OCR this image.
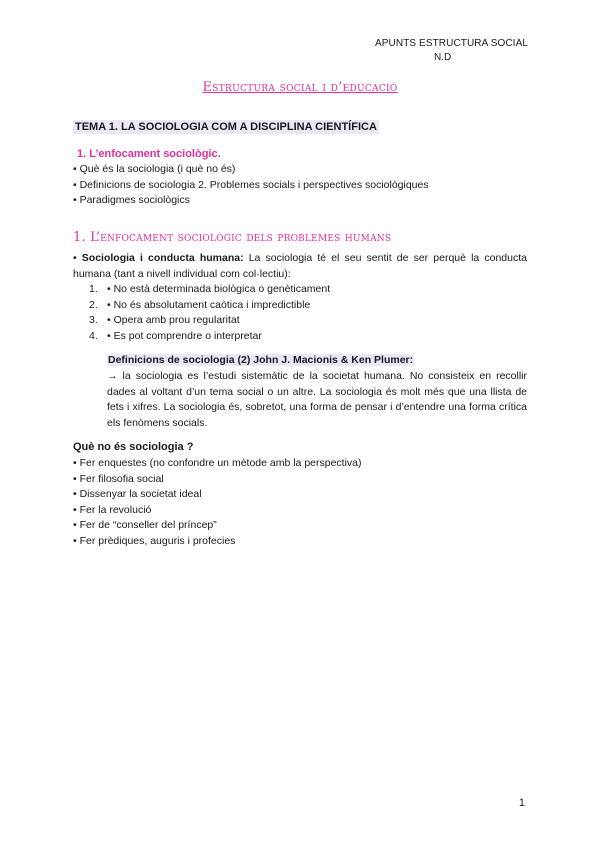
APUNTS ESTRUCTURA SOCIAL
N.D
Estructura social i d’educació
TEMA 1. LA SOCIOLOGIA COM A DISCIPLINA CIENTÍFICA
1. L’enfocament sociològic.
• Què és la sociologia (i què no és)
• Definicions de sociologia 2. Problemes socials i perspectives sociològiques
• Paradigmes sociològics
1. L’enfocament sociològic dels problemes humans
• Sociologia i conducta humana: La sociologia té el seu sentit de ser perquè la conducta humana (tant a nivell individual com col·lectiu):
1. • No està determinada biològica o genèticament
2. • No és absolutament caòtica i impredictible
3. • Opera amb prou regularitat
4. • Es pot comprendre o interpretar
Definicions de sociologia (2) John J. Macionis & Ken Plumer:
→ la sociologia es l’estudi sistemàtic de la societat humana. No consisteix en recollir dades al voltant d’un tema social o un altre. La sociologia és molt més que una llista de fets i xifres. La sociologia és, sobretot, una forma de pensar i d’entendre una forma crítica els fenòmens socials.
Què no és sociologia ?
• Fer enquestes (no confondre un mètode amb la perspectiva)
• Fer filosofia social
• Dissenyar la societat ideal
• Fer la revolució
• Fer de “conseller del príncep”
• Fer prèdiques, auguris i profecies
1
